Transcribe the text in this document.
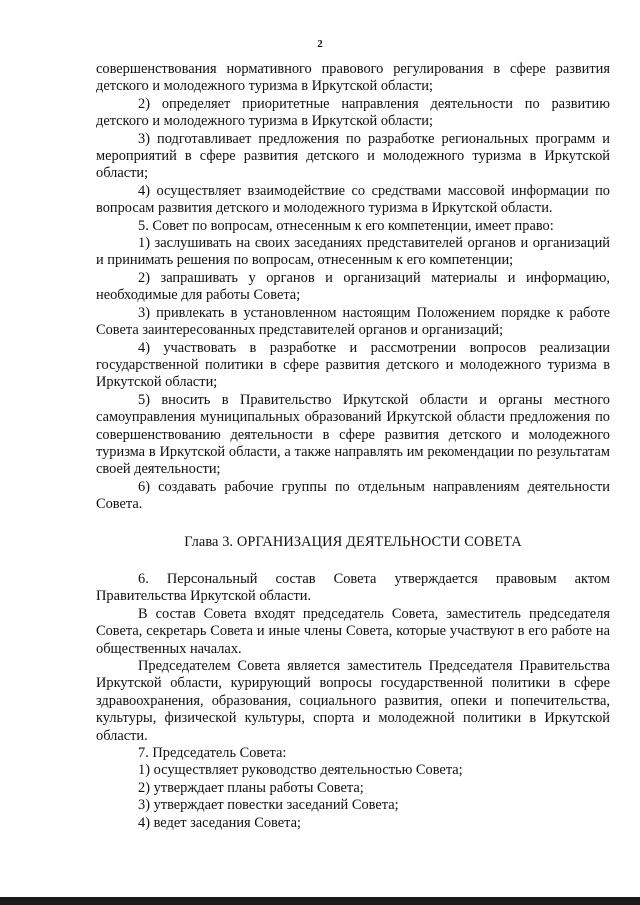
2

совершенствования нормативного правового регулирования в сфере развития детского и молодежного туризма в Иркутской области;

2) определяет приоритетные направления деятельности по развитию детского и молодежного туризма в Иркутской области;

3) подготавливает предложения по разработке региональных программ и мероприятий в сфере развития детского и молодежного туризма в Иркутской области;

4) осуществляет взаимодействие со средствами массовой информации по вопросам развития детского и молодежного туризма в Иркутской области.

5. Совет по вопросам, отнесенным к его компетенции, имеет право:

1) заслушивать на своих заседаниях представителей органов и организаций и принимать решения по вопросам, отнесенным к его компетенции;

2) запрашивать у органов и организаций материалы и информацию, необходимые для работы Совета;

3) привлекать в установленном настоящим Положением порядке к работе Совета заинтересованных представителей органов и организаций;

4) участвовать в разработке и рассмотрении вопросов реализации государственной политики в сфере развития детского и молодежного туризма в Иркутской области;

5) вносить в Правительство Иркутской области и органы местного самоуправления муниципальных образований Иркутской области предложения по совершенствованию деятельности в сфере развития детского и молодежного туризма в Иркутской области, а также направлять им рекомендации по результатам своей деятельности;

6) создавать рабочие группы по отдельным направлениям деятельности Совета.

Глава 3. ОРГАНИЗАЦИЯ ДЕЯТЕЛЬНОСТИ СОВЕТА

6. Персональный состав Совета утверждается правовым актом Правительства Иркутской области.

В состав Совета входят председатель Совета, заместитель председателя Совета, секретарь Совета и иные члены Совета, которые участвуют в его работе на общественных началах.

Председателем Совета является заместитель Председателя Правительства Иркутской области, курирующий вопросы государственной политики в сфере здравоохранения, образования, социального развития, опеки и попечительства, культуры, физической культуры, спорта и молодежной политики в Иркутской области.

7. Председатель Совета:

1) осуществляет руководство деятельностью Совета;

2) утверждает планы работы Совета;

3) утверждает повестки заседаний Совета;

4) ведет заседания Совета;
